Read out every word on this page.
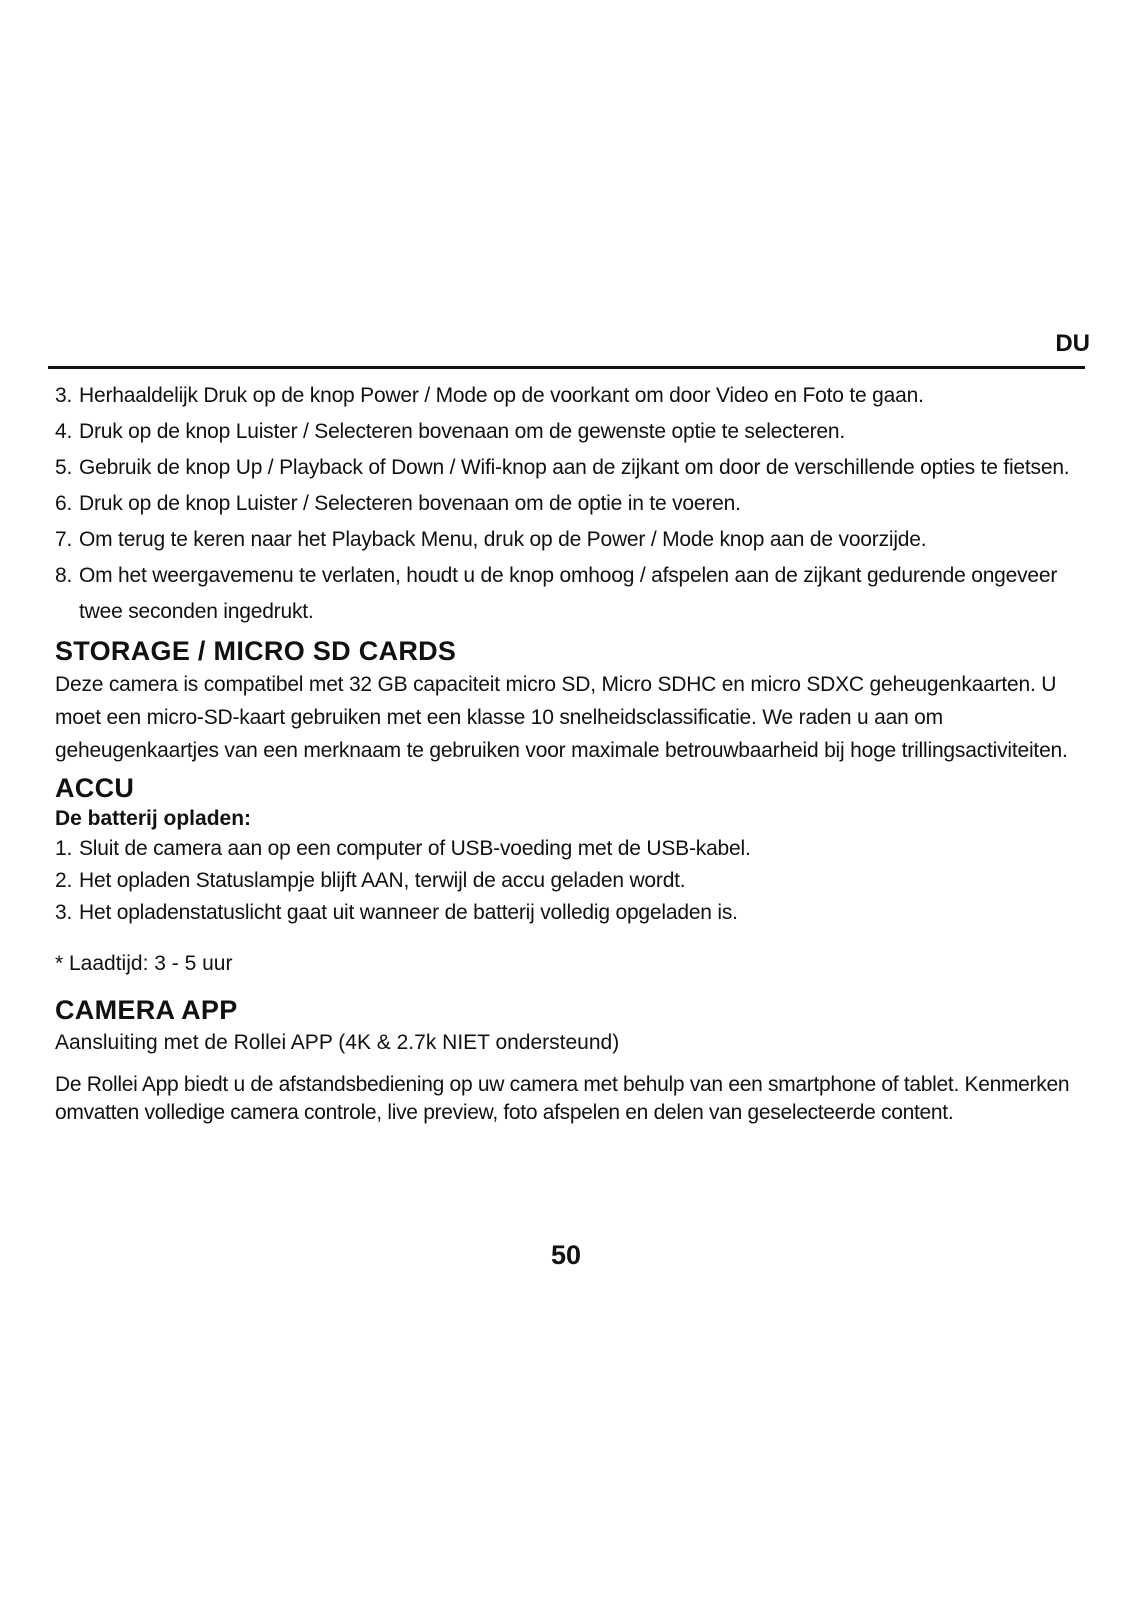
DU
3. Herhaaldelijk Druk op de knop Power / Mode op de voorkant om door Video en Foto te gaan.
4. Druk op de knop Luister / Selecteren bovenaan om de gewenste optie te selecteren.
5. Gebruik de knop Up / Playback of Down / Wifi-knop aan de zijkant om door de verschillende opties te fietsen.
6. Druk op de knop Luister / Selecteren bovenaan om de optie in te voeren.
7. Om terug te keren naar het Playback Menu, druk op de Power / Mode knop aan de voorzijde.
8. Om het weergavemenu te verlaten, houdt u de knop omhoog / afspelen aan de zijkant gedurende ongeveer twee seconden ingedrukt.
STORAGE / MICRO SD CARDS

Deze camera is compatibel met 32 GB capaciteit micro SD, Micro SDHC en micro SDXC geheugenkaarten. U moet een micro-SD-kaart gebruiken met een klasse 10 snelheidsclassificatie. We raden u aan om geheugenkaartjes van een merknaam te gebruiken voor maximale betrouwbaarheid bij hoge trillingsactiviteiten.

ACCU
De batterij opladen:
1. Sluit de camera aan op een computer of USB-voeding met de USB-kabel.
2. Het opladen Statuslampje blijft AAN, terwijl de accu geladen wordt.
3. Het opladenstatuslicht gaat uit wanneer de batterij volledig opgeladen is.
* Laadtijd: 3 - 5 uur
CAMERA APP

Aansluiting met de Rollei APP (4K & 2.7k NIET ondersteund)

De Rollei App biedt u de afstandsbediening op uw camera met behulp van een smartphone of tablet. Kenmerken omvatten volledige camera controle, live preview, foto afspelen en delen van geselecteerde content.

50
